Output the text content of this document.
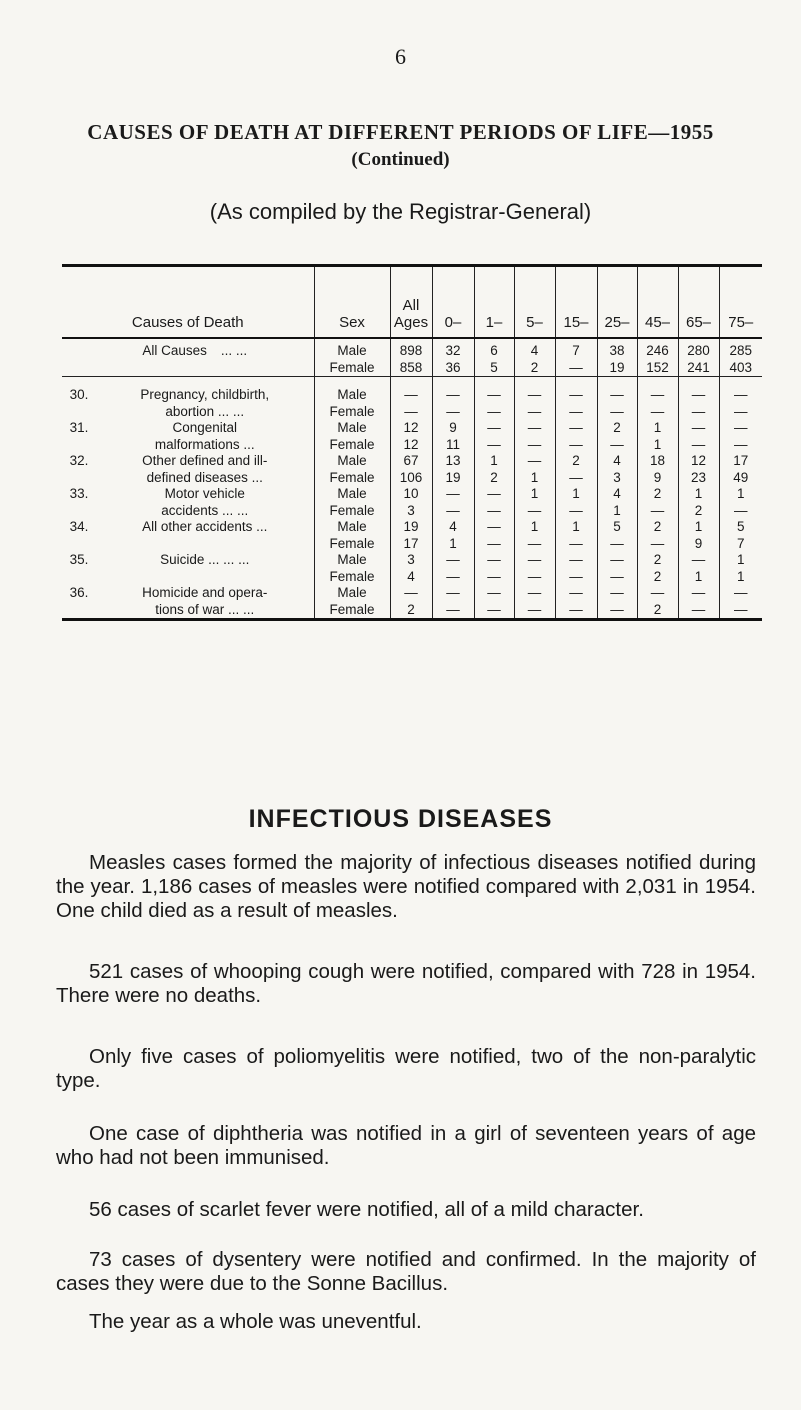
6
CAUSES OF DEATH AT DIFFERENT PERIODS OF LIFE—1955
(Continued)
(As compiled by the Registrar-General)
Causes of Death		Sex	All
Ages	0–	1–	5–	15–	25–	45–	65–	75–
All Causes ... ...		Male	898	32	6	4	7	38	246	280	285
		Female	858	36	5	2	—	19	152	241	403
30.	Pregnancy, childbirth,	Male	—	—	—	—	—	—	—	—	—
	abortion ... ...	Female	—	—	—	—	—	—	—	—	—
31.	Congenital	Male	12	9	—	—	—	2	1	—	—
	malformations ...	Female	12	11	—	—	—	—	1	—	—
32.	Other defined and ill-	Male	67	13	1	—	2	4	18	12	17
	defined diseases ...	Female	106	19	2	1	—	3	9	23	49
33.	Motor vehicle	Male	10	—	—	1	1	4	2	1	1
	accidents ... ...	Female	3	—	—	—	—	1	—	2	—
34.	All other accidents ...	Male	19	4	—	1	1	5	2	1	5
		Female	17	1	—	—	—	—	—	9	7
35.	Suicide ... ... ...	Male	3	—	—	—	—	—	2	—	1
		Female	4	—	—	—	—	—	2	1	1
36.	Homicide and opera-	Male	—	—	—	—	—	—	—	—	—
	tions of war ... ...	Female	2	—	—	—	—	—	2	—	—
INFECTIOUS DISEASES

Measles cases formed the majority of infectious diseases notified during the year. 1,186 cases of measles were notified compared with 2,031 in 1954. One child died as a result of measles.

521 cases of whooping cough were notified, compared with 728 in 1954. There were no deaths.

Only five cases of poliomyelitis were notified, two of the non-paralytic type.

One case of diphtheria was notified in a girl of seventeen years of age who had not been immunised.

56 cases of scarlet fever were notified, all of a mild character.

73 cases of dysentery were notified and confirmed. In the majority of cases they were due to the Sonne Bacillus.

The year as a whole was uneventful.
